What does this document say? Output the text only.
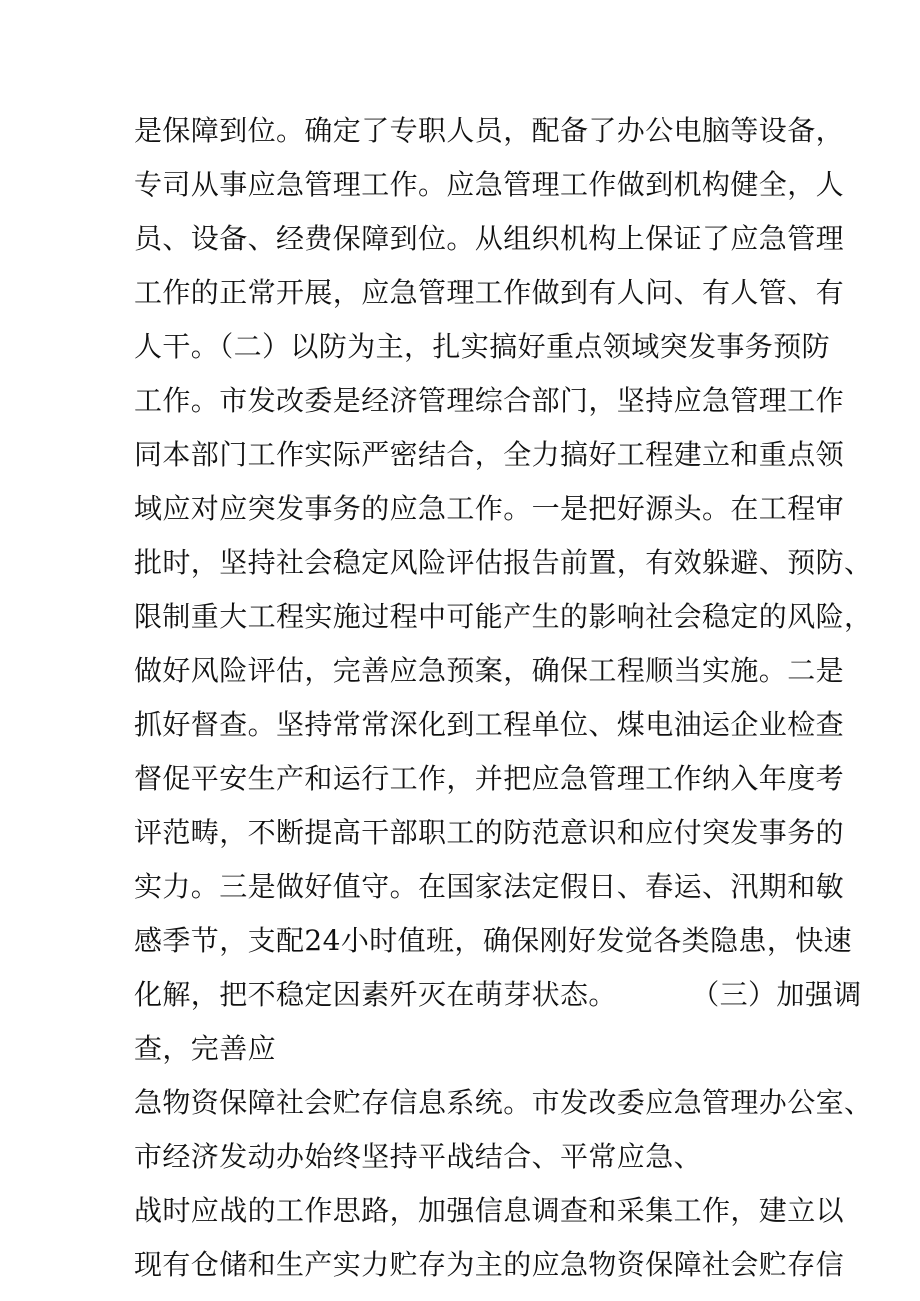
是保障到位。确定了专职人员，配备了办公电脑等设备，
专司从事应急管理工作。应急管理工作做到机构健全，人
员、设备、经费保障到位。从组织机构上保证了应急管理
工作的正常开展，应急管理工作做到有人问、有人管、有
人干。（二）以防为主，扎实搞好重点领域突发事务预防
工作。市发改委是经济管理综合部门，坚持应急管理工作
同本部门工作实际严密结合，全力搞好工程建立和重点领
域应对应突发事务的应急工作。一是把好源头。在工程审
批时，坚持社会稳定风险评估报告前置，有效躲避、预防、
限制重大工程实施过程中可能产生的影响社会稳定的风险，
做好风险评估，完善应急预案，确保工程顺当实施。二是
抓好督查。坚持常常深化到工程单位、煤电油运企业检查
督促平安生产和运行工作，并把应急管理工作纳入年度考
评范畴，不断提高干部职工的防范意识和应付突发事务的
实力。三是做好值守。在国家法定假日、春运、汛期和敏
感季节，支配24小时值班，确保刚好发觉各类隐患，快速
化解，把不稳定因素歼灭在萌芽状态。        （三）加强调
查，完善应
急物资保障社会贮存信息系统。市发改委应急管理办公室、
市经济发动办始终坚持平战结合、平常应急、
战时应战的工作思路，加强信息调查和采集工作，建立以
现有仓储和生产实力贮存为主的应急物资保障社会贮存信
